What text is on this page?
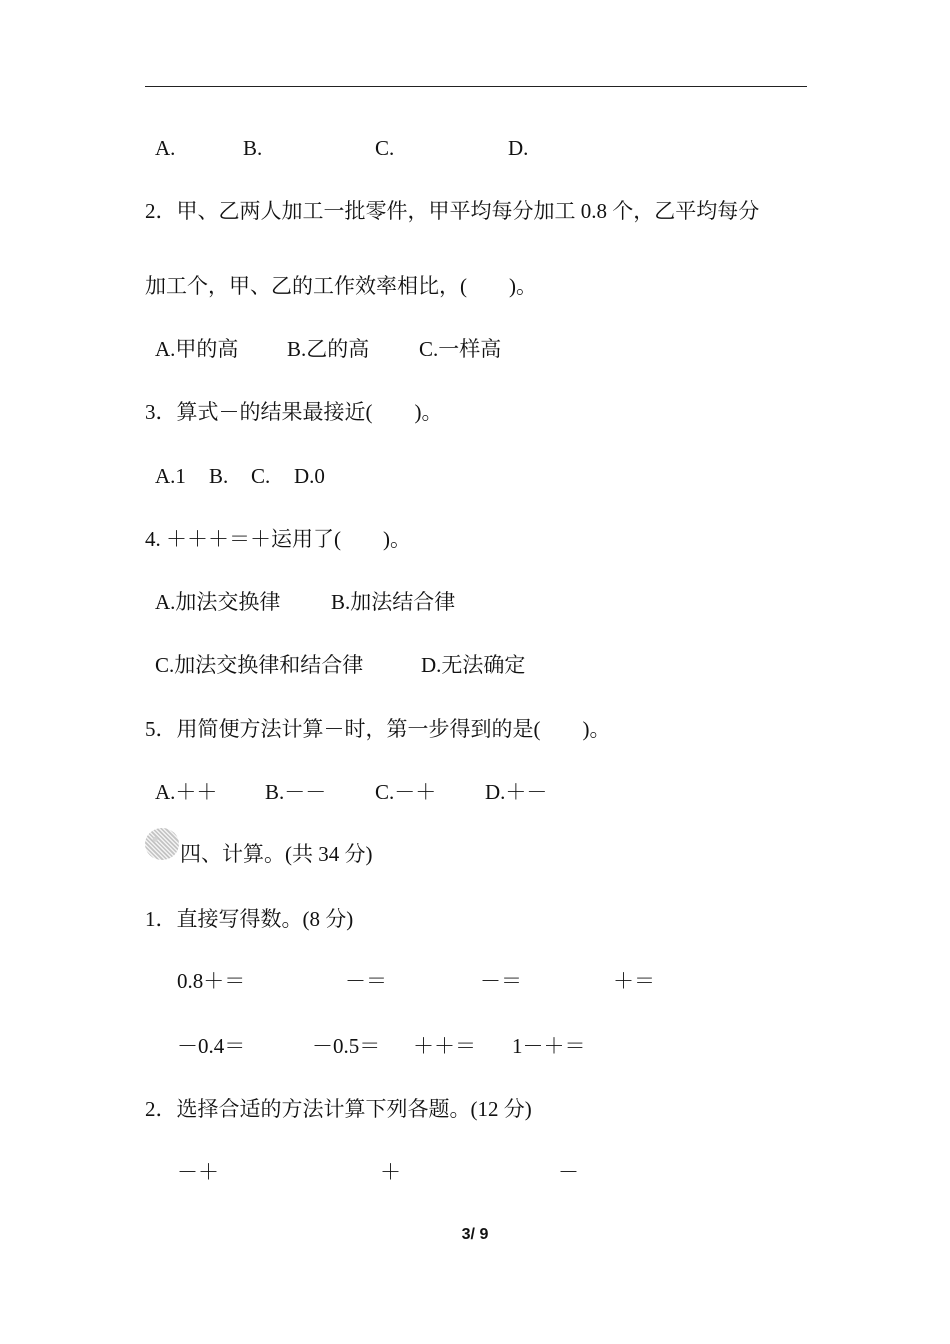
A.	B.	C.	D.
2．甲、乙两人加工一批零件，甲平均每分加工 0.8 个，乙平均每分
加工个，甲、乙的工作效率相比，(　　)。
A.甲的高 B.乙的高 C.一样高
3．算式－的结果最接近(　　)。
A.1 B. C. D.0
4. ＋＋＋＝＋运用了(　　)。
A.加法交换律 B.加法结合律
C.加法交换律和结合律	D.无法确定
5．用简便方法计算－时，第一步得到的是(　　)。
A.＋＋ B.－－ C.－＋ D.＋－
四、计算。(共 34 分)
1．直接写得数。(8 分)
0.8＋＝	－＝	－＝	＋＝
－0.4＝	－0.5＝ ＋＋＝ 1－＋＝
2．选择合适的方法计算下列各题。(12 分)
－＋	＋	－
3/ 9
